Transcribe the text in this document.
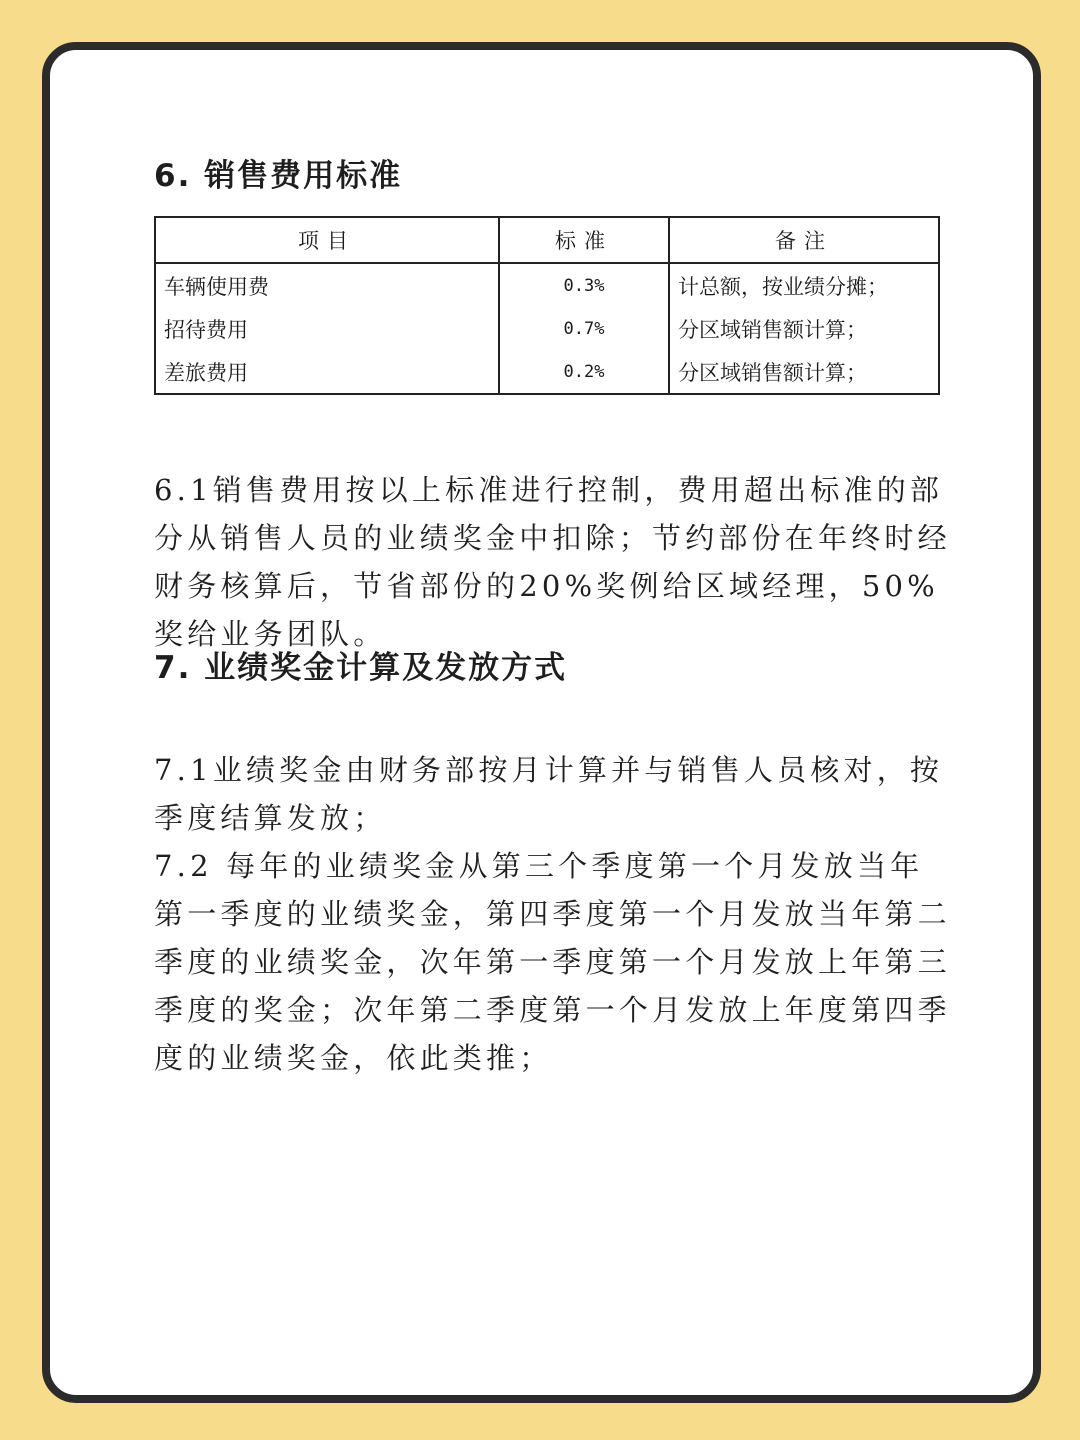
6. 销售费用标准
项目	标准	备注
车辆使用费	0.3%	计总额，按业绩分摊；
招待费用	0.7%	分区域销售额计算；
差旅费用	0.2%	分区域销售额计算；

6.1销售费用按以上标准进行控制，费用超出标准的部分从销售人员的业绩奖金中扣除；节约部份在年终时经财务核算后，节省部份的20%奖例给区域经理，50%奖给业务团队。

7. 业绩奖金计算及发放方式

7.1业绩奖金由财务部按月计算并与销售人员核对，按季度结算发放；

7.2 每年的业绩奖金从第三个季度第一个月发放当年第一季度的业绩奖金，第四季度第一个月发放当年第二季度的业绩奖金，次年第一季度第一个月发放上年第三季度的奖金；次年第二季度第一个月发放上年度第四季度的业绩奖金，依此类推；
